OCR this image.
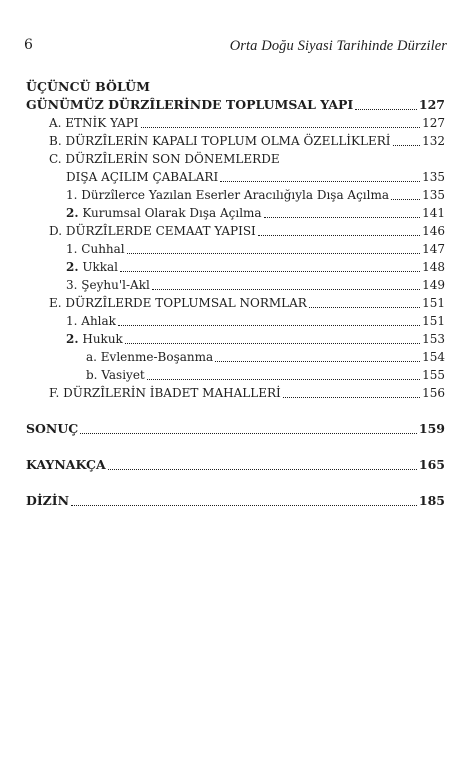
6	Orta Doğu Siyasi Tarihinde Dürziler
ÜÇÜNCÜ BÖLÜM
GÜNÜMÜZ DÜRZÎLERİNDE TOPLUMSAL YAPI	127
A. ETNİK YAPI	127
B. DÜRZÎLERİN KAPALI TOPLUM OLMA ÖZELLİKLERİ	132
C. DÜRZÎLERİN SON DÖNEMLERDE
DIŞA AÇILIM ÇABALARI	135
1. Dürzîlerce Yazılan Eserler Aracılığıyla Dışa Açılma	135
2. Kurumsal Olarak Dışa Açılma	141
D. DÜRZÎLERDE CEMAAT YAPISI	146
1. Cuhhal	147
2. Ukkal	148
3. Şeyhu'l-Akl	149
E. DÜRZÎLERDE TOPLUMSAL NORMLAR	151
1. Ahlak	151
2. Hukuk	153
a. Evlenme-Boşanma	154
b. Vasiyet	155
F. DÜRZÎLERİN İBADET MAHALLERİ	156
SONUÇ	159
KAYNAKÇA	165
DİZİN	185
